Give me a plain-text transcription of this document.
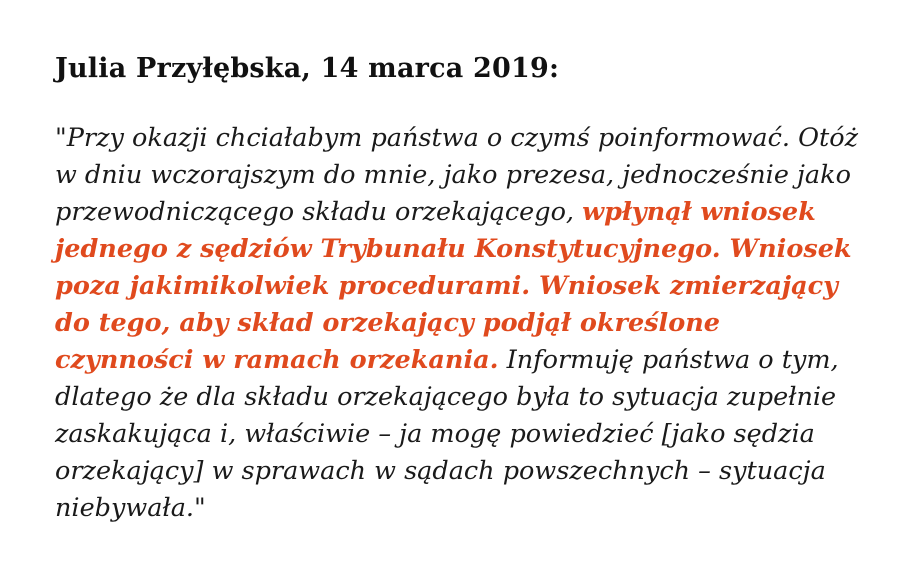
Julia Przyłębska, 14 marca 2019:

"Przy okazji chciałabym państwa o czymś poinformować. Otóż w dniu wczorajszym do mnie, jako prezesa, jednocześnie jako przewodniczącego składu orzekającego, wpłynął wniosek jednego z sędziów Trybunału Konstytucyjnego. Wniosek poza jakimikolwiek procedurami. Wniosek zmierzający do tego, aby skład orzekający podjął określone czynności w ramach orzekania. Informuję państwa o tym, dlatego że dla składu orzekającego była to sytuacja zupełnie zaskakująca i, właściwie – ja mogę powiedzieć [jako sędzia orzekający] w sprawach w sądach powszechnych – sytuacja niebywała."
